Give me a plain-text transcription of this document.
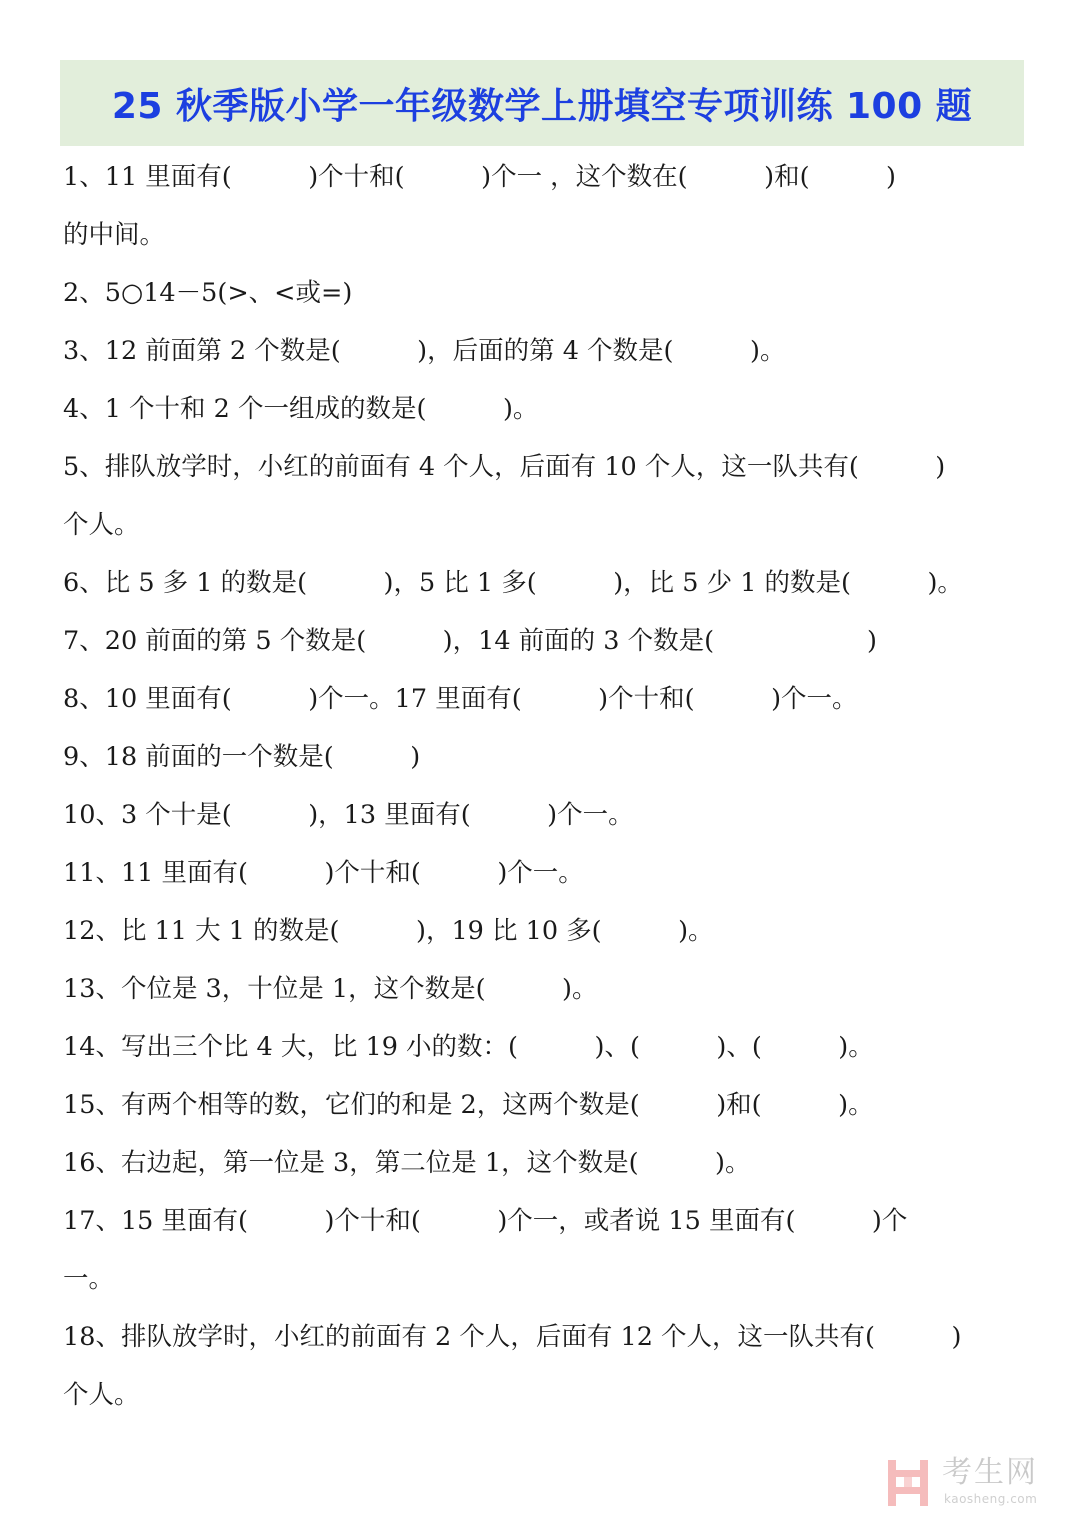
25 秋季版小学一年级数学上册填空专项训练 100 题
1、11 里面有(　　　)个十和(　　　)个一 ，这个数在(　　　)和(　　　)
的中间。
2、5○14－5(>、<或=)
3、12 前面第 2 个数是(　　　)，后面的第 4 个数是(　　　)。
4、1 个十和 2 个一组成的数是(　　　)。
5、排队放学时，小红的前面有 4 个人，后面有 10 个人，这一队共有(　　　)
个人。
6、比 5 多 1 的数是(　　　)，5 比 1 多(　　　)，比 5 少 1 的数是(　　　)。
7、20 前面的第 5 个数是(　　　)，14 前面的 3 个数是(　　　　　　)
8、10 里面有(　　　)个一。17 里面有(　　　)个十和(　　　)个一。
9、18 前面的一个数是(　　　)
10、3 个十是(　　　)，13 里面有(　　　)个一。
11、11 里面有(　　　)个十和(　　　)个一。
12、比 11 大 1 的数是(　　　)，19 比 10 多(　　　)。
13、个位是 3，十位是 1，这个数是(　　　)。
14、写出三个比 4 大，比 19 小的数：(　　　)、(　　　)、(　　　)。
15、有两个相等的数，它们的和是 2，这两个数是(　　　)和(　　　)。
16、右边起，第一位是 3，第二位是 1，这个数是(　　　)。
17、15 里面有(　　　)个十和(　　　)个一，或者说 15 里面有(　　　)个
一。
18、排队放学时，小红的前面有 2 个人，后面有 12 个人，这一队共有(　　　)
个人。
考生网
kaosheng.com
